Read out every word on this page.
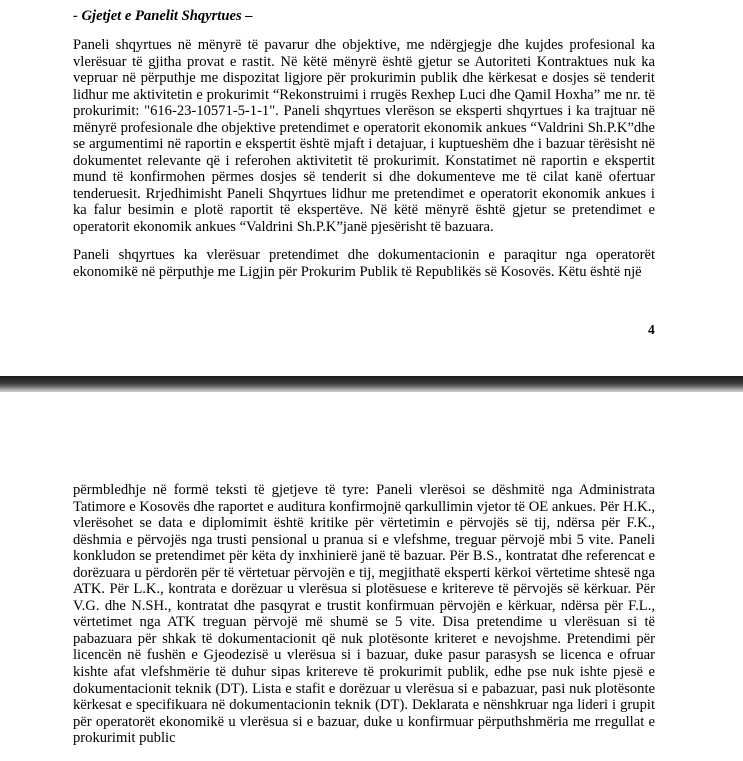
- Gjetjet e Panelit Shqyrtues –

Paneli shqyrtues në mënyrë të pavarur dhe objektive, me ndërgjegje dhe kujdes profesional ka vlerësuar të gjitha provat e rastit. Në këtë mënyrë është gjetur se Autoriteti Kontraktues nuk ka vepruar në përputhje me dispozitat ligjore për prokurimin publik dhe kërkesat e dosjes së tenderit lidhur me aktivitetin e prokurimit “Rekonstruimi i rrugës Rexhep Luci dhe Qamil Hoxha” me nr. të prokurimit: "616-23-10571-5-1-1". Paneli shqyrtues vlerëson se eksperti shqyrtues i ka trajtuar në mënyrë profesionale dhe objektive pretendimet e operatorit ekonomik ankues “Valdrini Sh.P.K”dhe se argumentimi në raportin e ekspertit është mjaft i detajuar, i kuptueshëm dhe i bazuar tërësisht në dokumentet relevante që i referohen aktivitetit të prokurimit. Konstatimet në raportin e ekspertit mund të konfirmohen përmes dosjes së tenderit si dhe dokumenteve me të cilat kanë ofertuar tenderuesit. Rrjedhimisht Paneli Shqyrtues lidhur me pretendimet e operatorit ekonomik ankues i ka falur besimin e plotë raportit të ekspertëve. Në këtë mënyrë është gjetur se pretendimet e operatorit ekonomik ankues “Valdrini Sh.P.K”janë pjesërisht të bazuara.

Paneli shqyrtues ka vlerësuar pretendimet dhe dokumentacionin e paraqitur nga operatorët ekonomikë në përputhje me Ligjin për Prokurim Publik të Republikës së Kosovës. Këtu është një

4

përmbledhje në formë teksti të gjetjeve të tyre: Paneli vlerësoi se dëshmitë nga Administrata Tatimore e Kosovës dhe raportet e auditura konfirmojnë qarkullimin vjetor të OE ankues. Për H.K., vlerësohet se data e diplomimit është kritike për vërtetimin e përvojës së tij, ndërsa për F.K., dëshmia e përvojës nga trusti pensional u pranua si e vlefshme, treguar përvojë mbi 5 vite. Paneli konkludon se pretendimet për këta dy inxhinierë janë të bazuar. Për B.S., kontratat dhe referencat e dorëzuara u përdorën për të vërtetuar përvojën e tij, megjithatë eksperti kërkoi vërtetime shtesë nga ATK. Për L.K., kontrata e dorëzuar u vlerësua si plotësuese e kritereve të përvojës së kërkuar. Për V.G. dhe N.SH., kontratat dhe pasqyrat e trustit konfirmuan përvojën e kërkuar, ndërsa për F.L., vërtetimet nga ATK treguan përvojë më shumë se 5 vite. Disa pretendime u vlerësuan si të pabazuara për shkak të dokumentacionit që nuk plotësonte kriteret e nevojshme. Pretendimi për licencën në fushën e Gjeodezisë u vlerësua si i bazuar, duke pasur parasysh se licenca e ofruar kishte afat vlefshmërie të duhur sipas kritereve të prokurimit publik, edhe pse nuk ishte pjesë e dokumentacionit teknik (DT). Lista e stafit e dorëzuar u vlerësua si e pabazuar, pasi nuk plotësonte kërkesat e specifikuara në dokumentacionin teknik (DT). Deklarata e nënshkruar nga lideri i grupit për operatorët ekonomikë u vlerësua si e bazuar, duke u konfirmuar përputhshmëria me rregullat e prokurimit public
